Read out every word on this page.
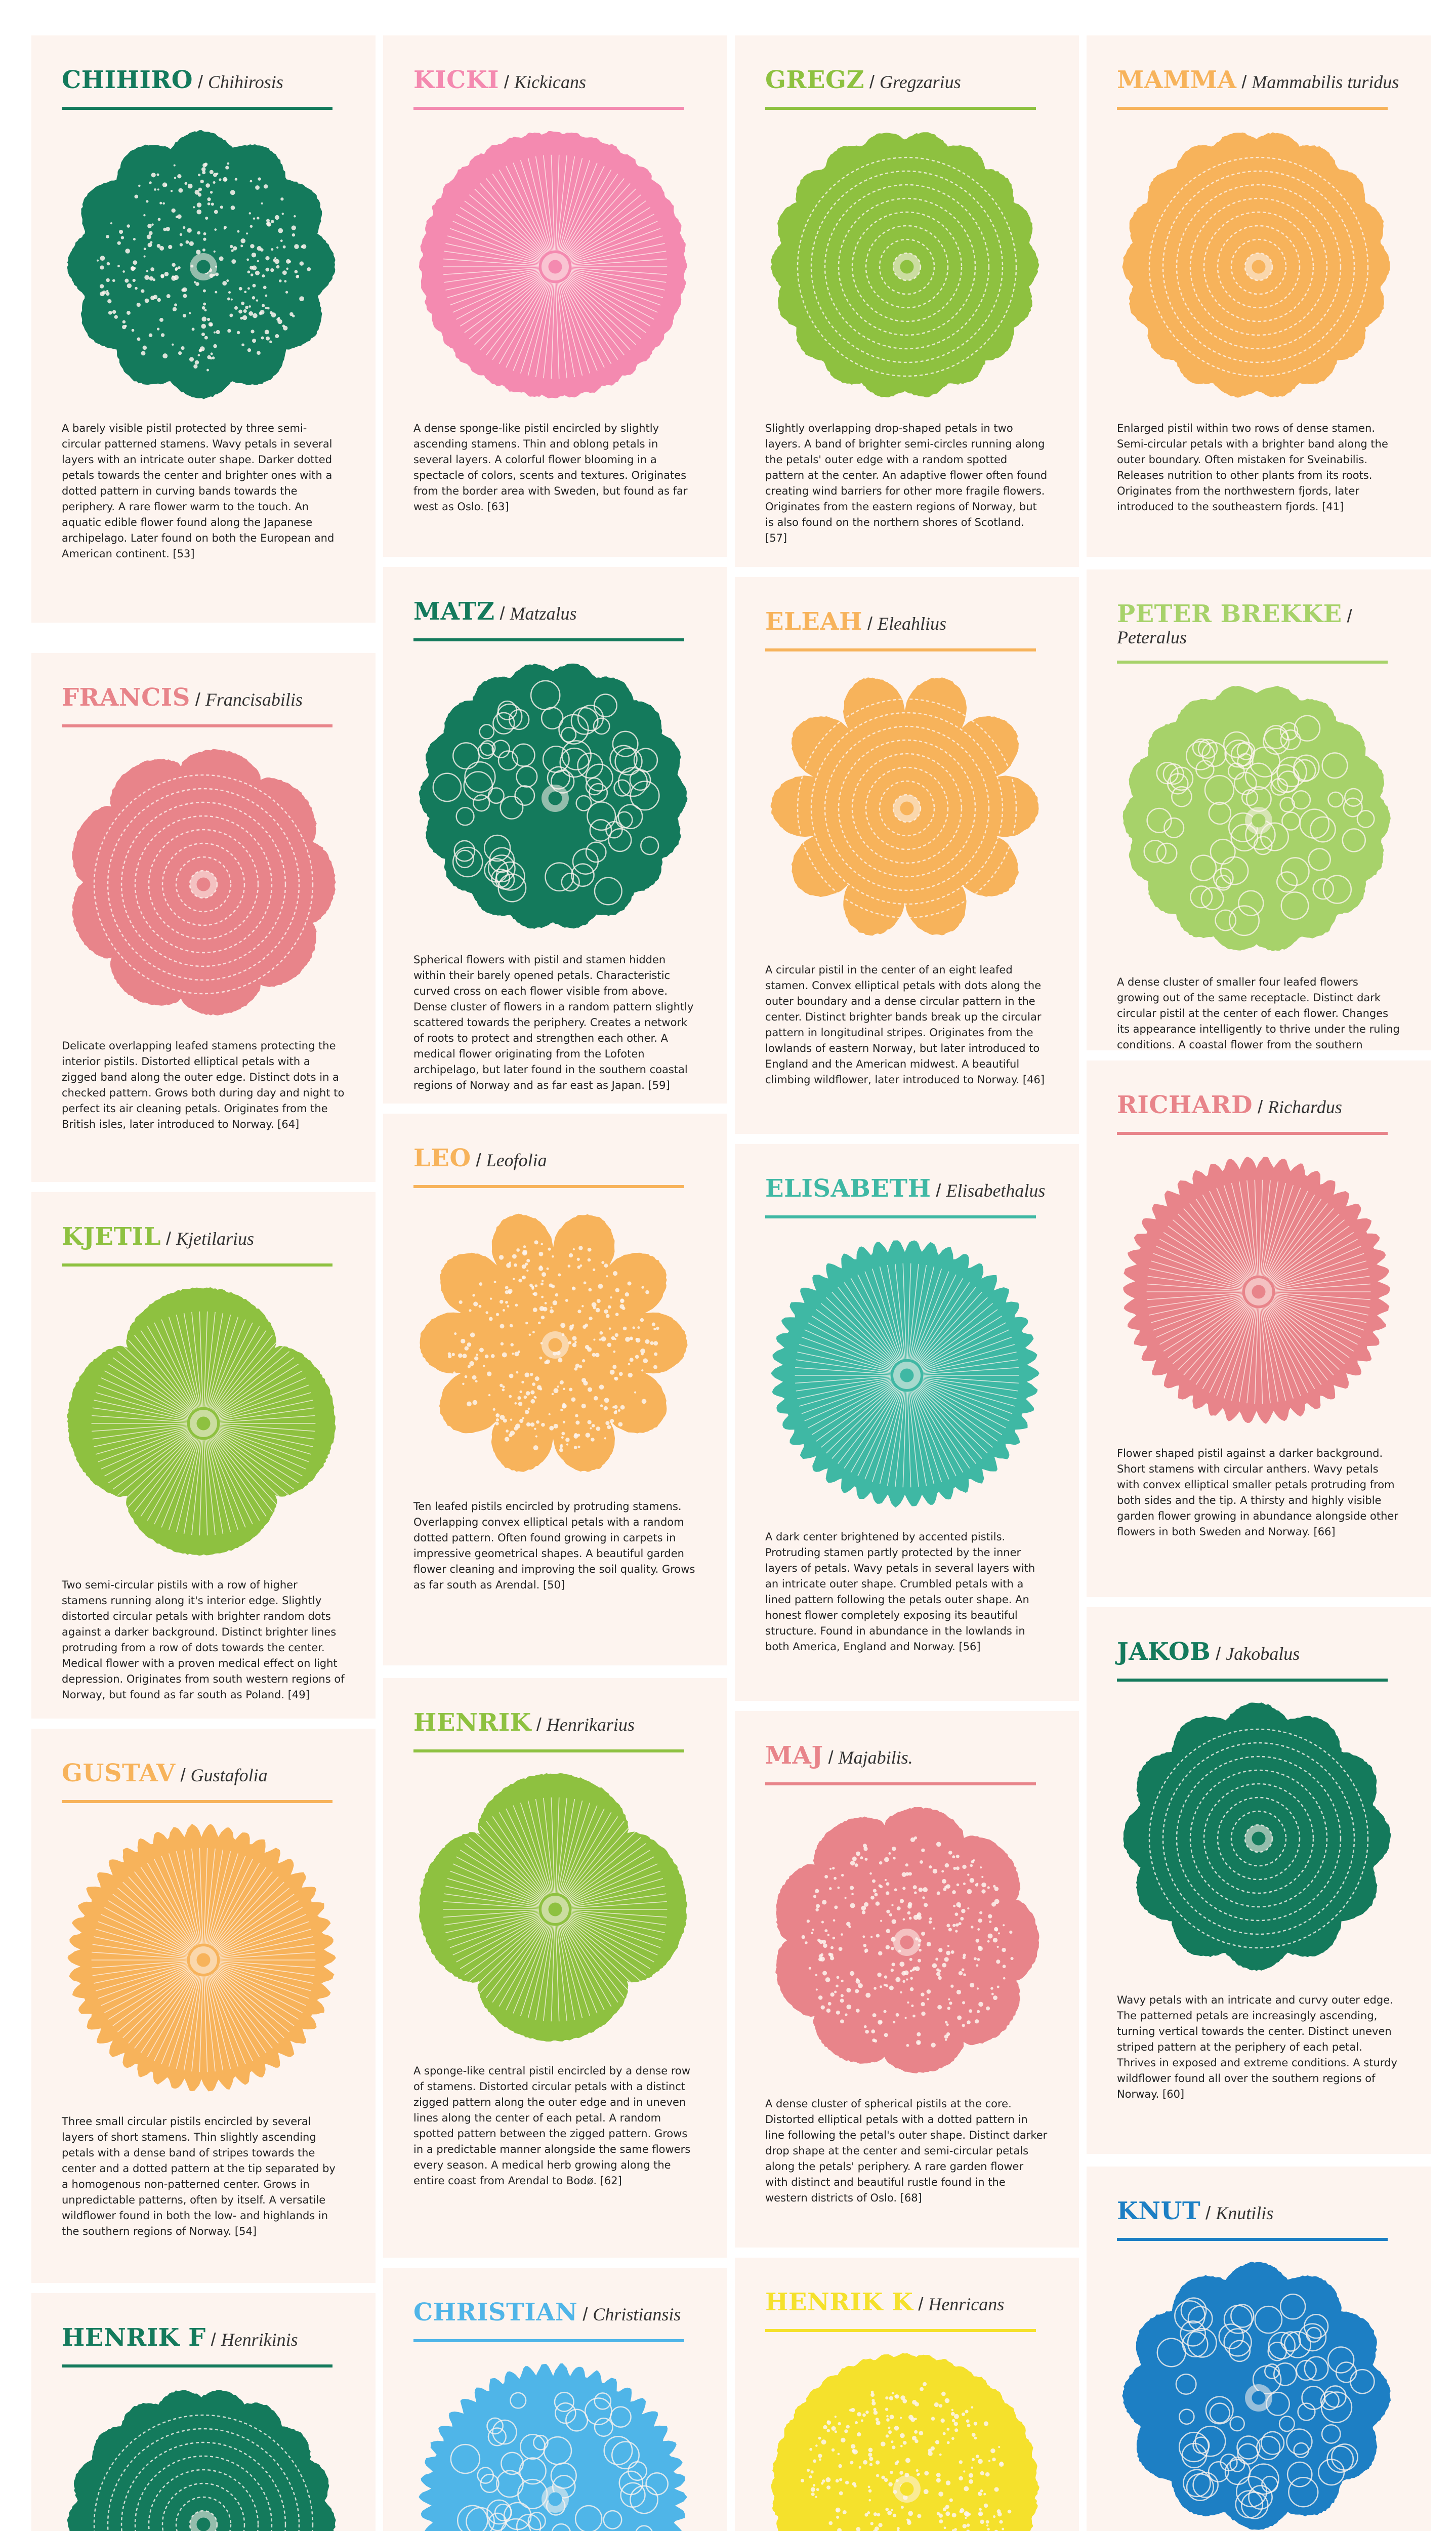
CHIHIRO / Chihirosis
A barely visible pistil protected by three semi-circular patterned stamens. Wavy petals in several layers with an intricate outer shape. Darker dotted petals towards the center and brighter ones with a dotted pattern in curving bands towards the periphery. A rare flower warm to the touch. An aquatic edible flower found along the Japanese archipelago. Later found on both the European and American continent. [53]
FRANCIS / Francisabilis
Delicate overlapping leafed stamens protecting the interior pistils. Distorted elliptical petals with a zigged band along the outer edge. Distinct dots in a checked pattern. Grows both during day and night to perfect its air cleaning petals. Originates from the British isles, later introduced to Norway. [64]
KJETIL / Kjetilarius
Two semi-circular pistils with a row of higher stamens running along it's interior edge. Slightly distorted circular petals with brighter random dots against a darker background. Distinct brighter lines protruding from a row of dots towards the center. Medical flower with a proven medical effect on light depression. Originates from south western regions of Norway, but found as far south as Poland. [49]
GUSTAV / Gustafolia
Three small circular pistils encircled by several layers of short stamens. Thin slightly ascending petals with a dense band of stripes towards the center and a dotted pattern at the tip separated by a homogenous non-patterned center. Grows in unpredictable patterns, often by itself. A versatile wildflower found in both the low- and highlands in the southern regions of Norway. [54]
HENRIK F / Henrikinis
KICKI / Kickicans
A dense sponge-like pistil encircled by slightly ascending stamens. Thin and oblong petals in several layers. A colorful flower blooming in a spectacle of colors, scents and textures. Originates from the border area with Sweden, but found as far west as Oslo. [63]
MATZ / Matzalus
Spherical flowers with pistil and stamen hidden within their barely opened petals. Characteristic curved cross on each flower visible from above. Dense cluster of flowers in a random pattern slightly scattered towards the periphery. Creates a network of roots to protect and strengthen each other. A medical flower originating from the Lofoten archipelago, but later found in the southern coastal regions of Norway and as far east as Japan. [59]
LEO / Leofolia
Ten leafed pistils encircled by protruding stamens. Overlapping convex elliptical petals with a random dotted pattern. Often found growing in carpets in impressive geometrical shapes. A beautiful garden flower cleaning and improving the soil quality. Grows as far south as Arendal. [50]
HENRIK / Henrikarius
A sponge-like central pistil encircled by a dense row of stamens. Distorted circular petals with a distinct zigged pattern along the outer edge and in uneven lines along the center of each petal. A random spotted pattern between the zigged pattern. Grows in a predictable manner alongside the same flowers every season. A medical herb growing along the entire coast from Arendal to Bodø. [62]
CHRISTIAN / Christiansis
GREGZ / Gregzarius
Slightly overlapping drop-shaped petals in two layers. A band of brighter semi-circles running along the petals' outer edge with a random spotted pattern at the center. An adaptive flower often found creating wind barriers for other more fragile flowers. Originates from the eastern regions of Norway, but is also found on the northern shores of Scotland. [57]
ELEAH / Eleahlius
A circular pistil in the center of an eight leafed stamen. Convex elliptical petals with dots along the outer boundary and a dense circular pattern in the center. Distinct brighter bands break up the circular pattern in longitudinal stripes. Originates from the lowlands of eastern Norway, but later introduced to England and the American midwest. A beautiful climbing wildflower, later introduced to Norway. [46]
ELISABETH / Elisabethalus
A dark center brightened by accented pistils. Protruding stamen partly protected by the inner layers of petals. Wavy petals in several layers with an intricate outer shape. Crumbled petals with a lined pattern following the petals outer shape. An honest flower completely exposing its beautiful structure. Found in abundance in the lowlands in both America, England and Norway. [56]
MAJ / Majabilis.
A dense cluster of spherical pistils at the core. Distorted elliptical petals with a dotted pattern in line following the petal's outer shape. Distinct darker drop shape at the center and semi-circular petals along the petals' periphery. A rare garden flower with distinct and beautiful rustle found in the western districts of Oslo. [68]
HENRIK K / Henricans
MAMMA / Mammabilis turidus
Enlarged pistil within two rows of dense stamen. Semi-circular petals with a brighter band along the outer boundary. Often mistaken for Sveinabilis. Releases nutrition to other plants from its roots. Originates from the northwestern fjords, later introduced to the southeastern fjords. [41]
PETER BREKKE / Peteralus
A dense cluster of smaller four leafed flowers growing out of the same receptacle. Distinct dark circular pistil at the center of each flower. Changes its appearance intelligently to thrive under the ruling conditions. A coastal flower from the southern
RICHARD / Richardus
Flower shaped pistil against a darker background. Short stamens with circular anthers. Wavy petals with convex elliptical smaller petals protruding from both sides and the tip. A thirsty and highly visible garden flower growing in abundance alongside other flowers in both Sweden and Norway. [66]
JAKOB / Jakobalus
Wavy petals with an intricate and curvy outer edge. The patterned petals are increasingly ascending, turning vertical towards the center. Distinct uneven striped pattern at the periphery of each petal. Thrives in exposed and extreme conditions. A sturdy wildflower found all over the southern regions of Norway. [60]
KNUT / Knutilis
